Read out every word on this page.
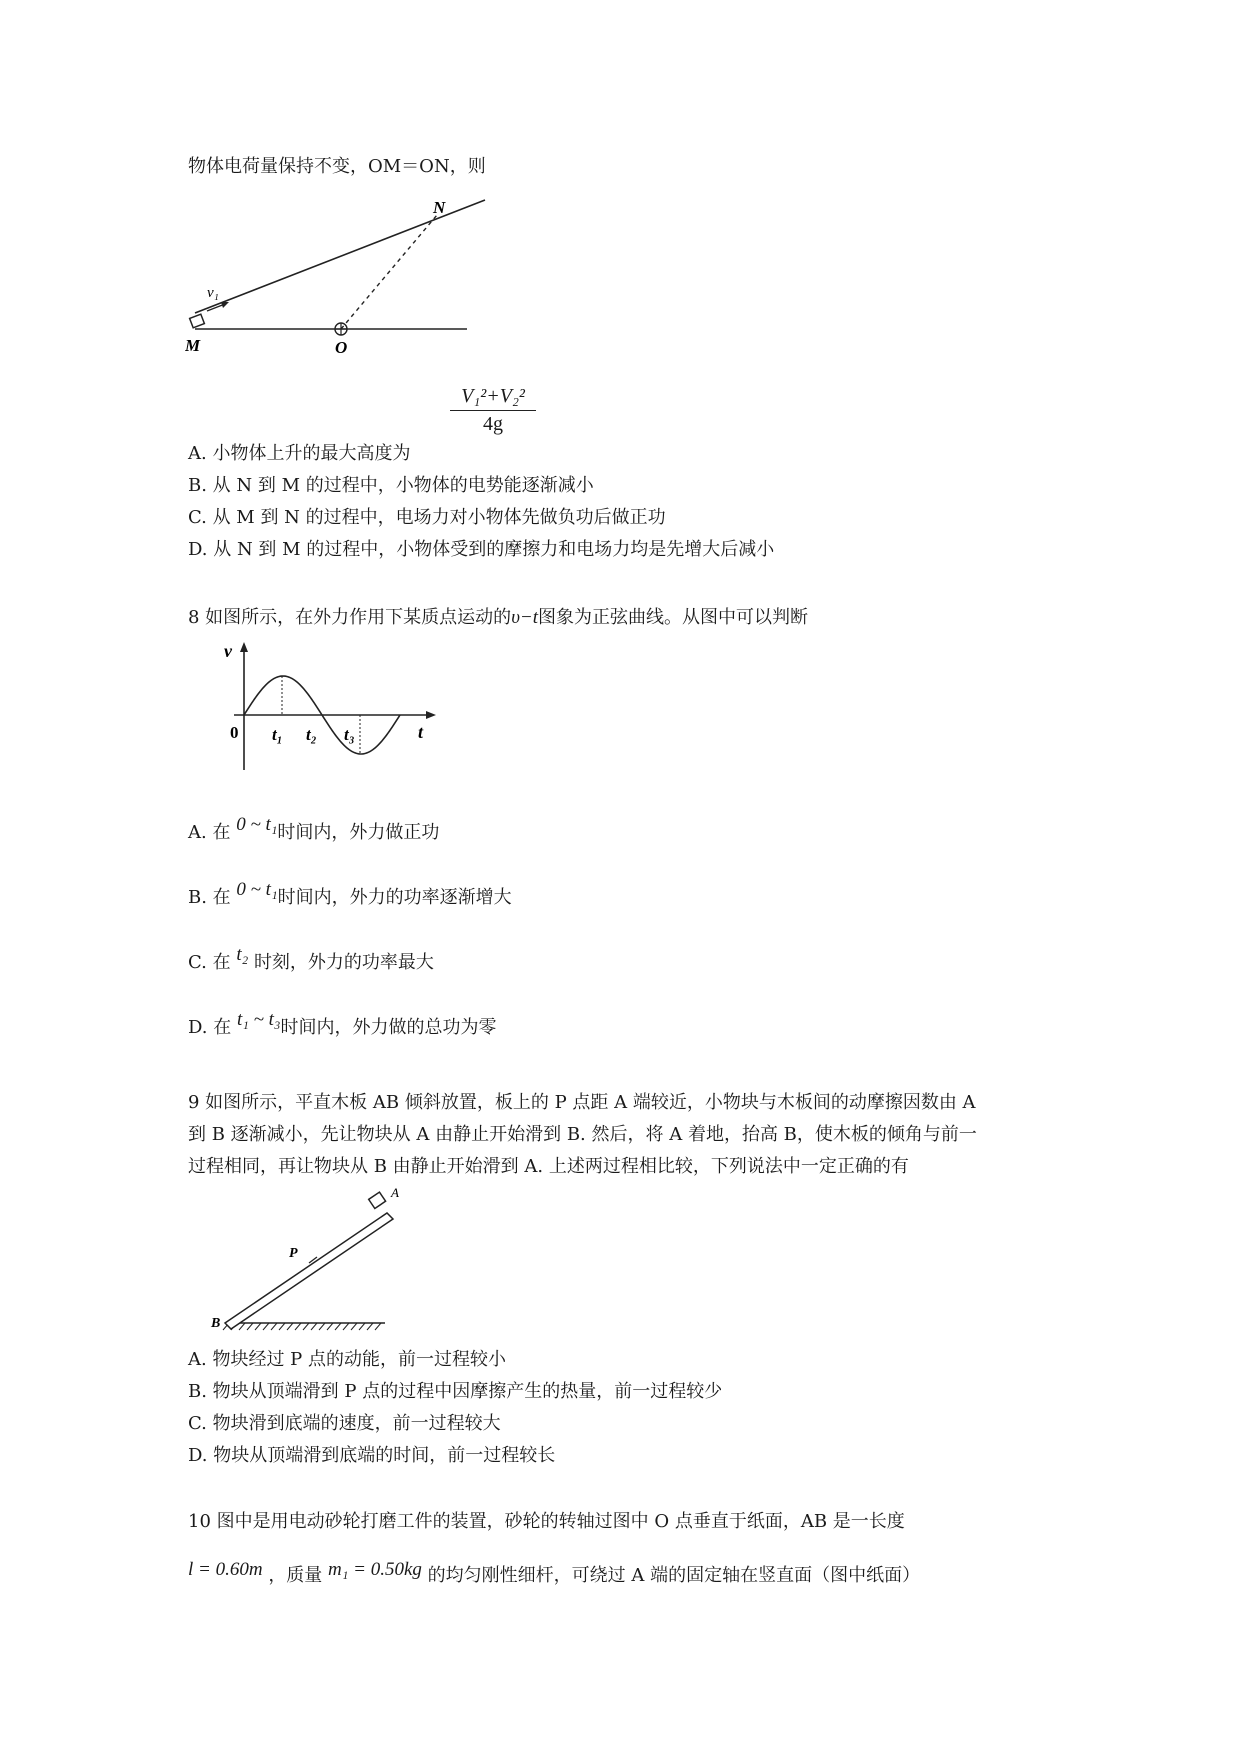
物体电荷量保持不变，OM＝ON，则
N
M	O
v₁
$\frac{\text{V₁²+V₂²}}{4g}$
A. 小物体上升的最大高度为
B. 从 N 到 M 的过程中，小物体的电势能逐渐减小
C. 从 M 到 N 的过程中，电场力对小物体先做负功后做正功
D. 从 N 到 M 的过程中，小物体受到的摩擦力和电场力均是先增大后减小
8 如图所示，在外力作用下某质点运动的υ−t图象为正弦曲线。从图中可以判断
v
t
0 t₁ t₂ t₃
A. 在 0 ~ t₁时间内，外力做正功
B. 在 0 ~ t₁时间内，外力的功率逐渐增大
C. 在 t₂ 时刻，外力的功率最大
D. 在 t₁ ~ t₃时间内，外力做的总功为零
9 如图所示，平直木板 AB 倾斜放置，板上的 P 点距 A 端较近，小物块与木板间的动摩擦因数由 A
到 B 逐渐减小，先让物块从 A 由静止开始滑到 B. 然后，将 A 着地，抬高 B，使木板的倾角与前一
过程相同，再让物块从 B 由静止开始滑到 A. 上述两过程相比较，下列说法中一定正确的有
A
B
P
A. 物块经过 P 点的动能，前一过程较小
B. 物块从顶端滑到 P 点的过程中因摩擦产生的热量，前一过程较少
C. 物块滑到底端的速度，前一过程较大
D. 物块从顶端滑到底端的时间，前一过程较长
10 图中是用电动砂轮打磨工件的装置，砂轮的转轴过图中 O 点垂直于纸面，AB 是一长度
l = 0.60m ，质量 m₁ = 0.50kg 的均匀刚性细杆，可绕过 A 端的固定轴在竖直面（图中纸面）
